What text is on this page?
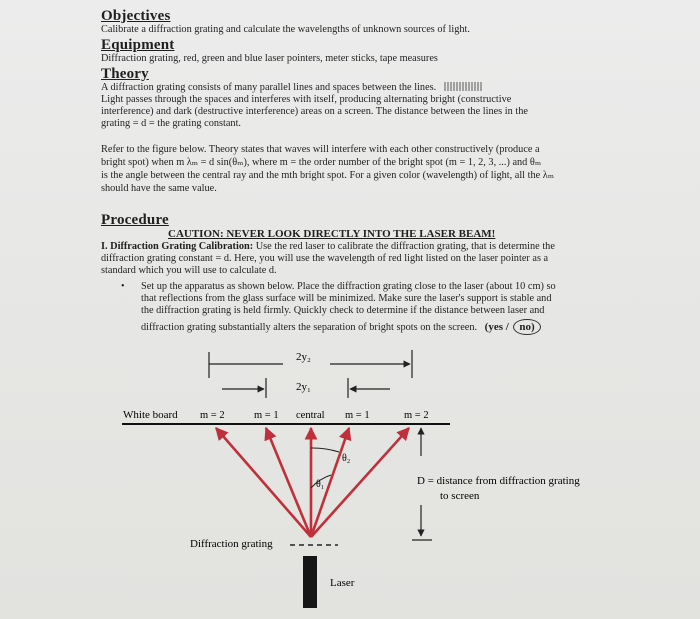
Objectives
Calibrate a diffraction grating and calculate the wavelengths of unknown sources of light.
Equipment
Diffraction grating, red, green and blue laser pointers, meter sticks, tape measures
Theory
A diffraction grating consists of many parallel lines and spaces between the lines.
Light passes through the spaces and interferes with itself, producing alternating bright (constructive
interference) and dark (destructive interference) areas on a screen. The distance between the lines in the
grating = d = the grating constant.
Refer to the figure below. Theory states that waves will interfere with each other constructively (produce a
bright spot) when m λₘ = d sin(θₘ), where m = the order number of the bright spot (m = 1, 2, 3, ...) and θₘ
is the angle between the central ray and the mth bright spot. For a given color (wavelength) of light, all the λₘ
should have the same value.
Procedure
CAUTION: NEVER LOOK DIRECTLY INTO THE LASER BEAM!
I. Diffraction Grating Calibration: Use the red laser to calibrate the diffraction grating, that is determine the
diffraction grating constant = d. Here, you will use the wavelength of red light listed on the laser pointer as a
standard which you will use to calculate d.
• Set up the apparatus as shown below. Place the diffraction grating close to the laser (about 10 cm) so
that reflections from the glass surface will be minimized. Make sure the laser's support is stable and
the diffraction grating is held firmly. Quickly check to determine if the distance between laser and
diffraction grating substantially alters the separation of bright spots on the screen. (yes / no)
2y₂
2y₁
White board m = 2	m = 1 central m = 1	m = 2
θ₂
θ₁	D = distance from diffraction grating
to screen
Diffraction grating
Laser
